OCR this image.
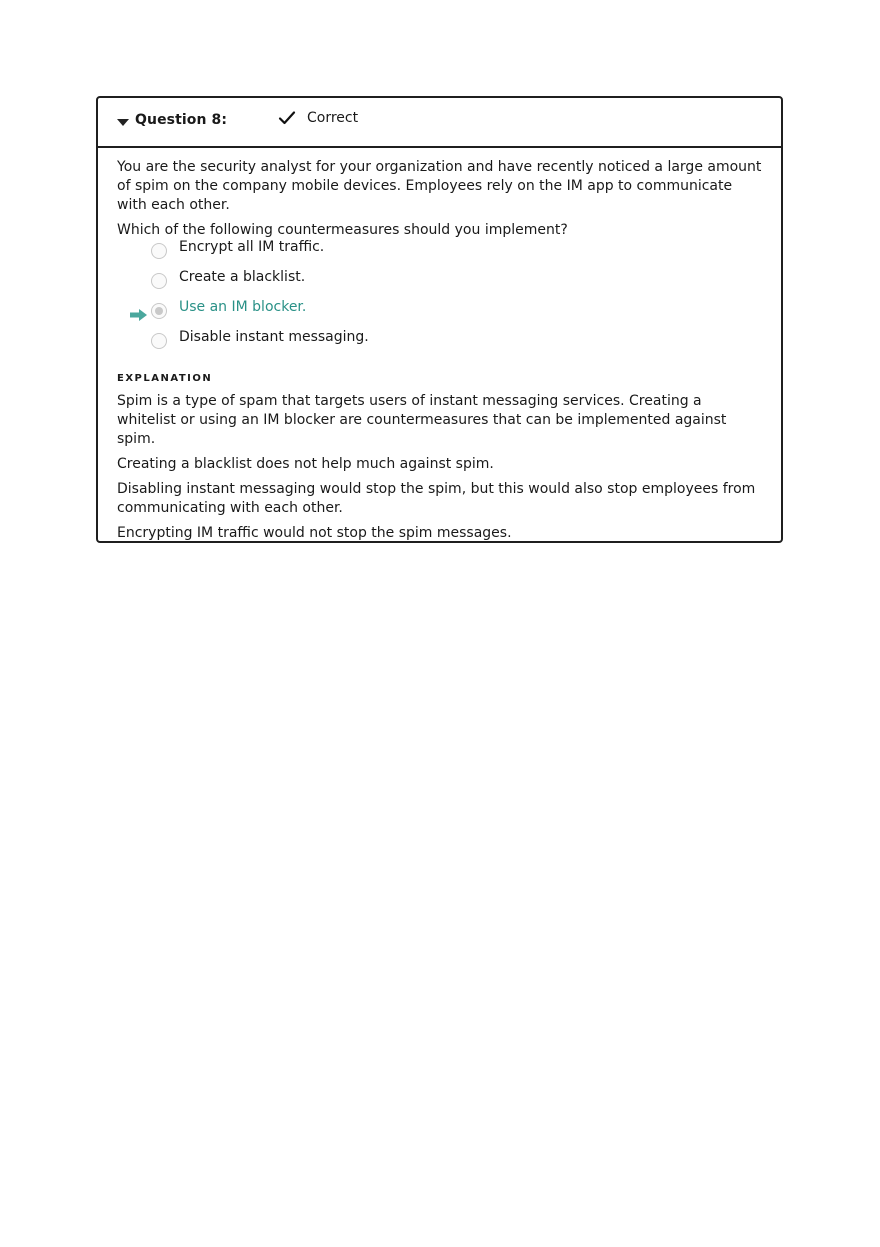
Question 8:	Correct

You are the security analyst for your organization and have recently noticed a large amount of spim on the company mobile devices. Employees rely on the IM app to communicate with each other.

Which of the following countermeasures should you implement?

Encrypt all IM traffic.
Create a blacklist.
Use an IM blocker.
Disable instant messaging.
EXPLANATION

Spim is a type of spam that targets users of instant messaging services. Creating a whitelist or using an IM blocker are countermeasures that can be implemented against spim.

Creating a blacklist does not help much against spim.

Disabling instant messaging would stop the spim, but this would also stop employees from communicating with each other.

Encrypting IM traffic would not stop the spim messages.
